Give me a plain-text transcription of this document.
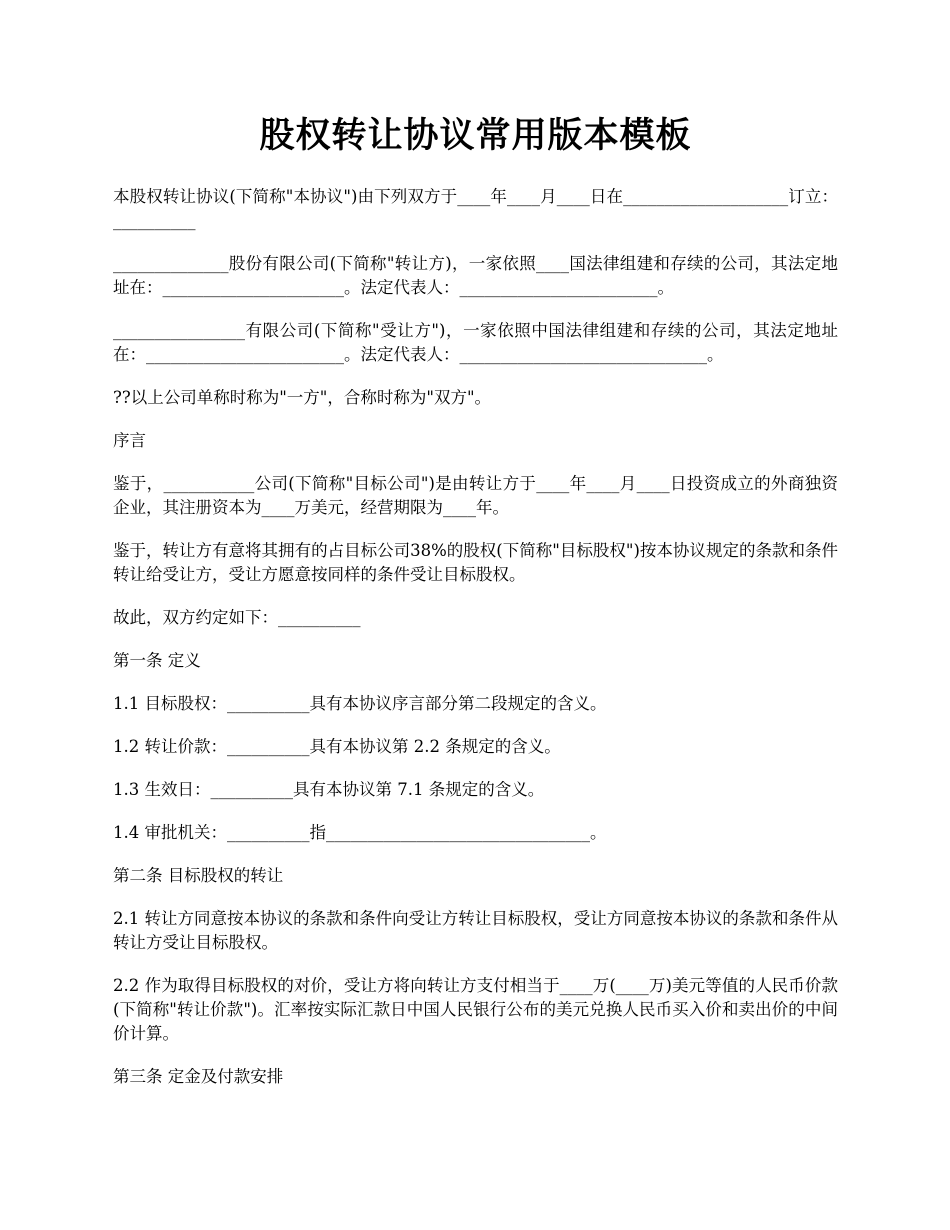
股权转让协议常用版本模板

本股权转让协议(下简称"本协议")由下列双方于____年____月____日在____________________订立：__________

______________股份有限公司(下简称"转让方)，一家依照____国法律组建和存续的公司，其法定地址在：______________________。法定代表人：________________________。

________________有限公司(下简称"受让方")，一家依照中国法律组建和存续的公司，其法定地址在：________________________。法定代表人：______________________________。

??以上公司单称时称为"一方"，合称时称为"双方"。

序言

鉴于，___________公司(下简称"目标公司")是由转让方于____年____月____日投资成立的外商独资企业，其注册资本为____万美元，经营期限为____年。

鉴于，转让方有意将其拥有的占目标公司38%的股权(下简称"目标股权")按本协议规定的条款和条件转让给受让方，受让方愿意按同样的条件受让目标股权。

故此，双方约定如下：__________

第一条 定义

1.1 目标股权：__________具有本协议序言部分第二段规定的含义。

1.2 转让价款：__________具有本协议第 2.2 条规定的含义。

1.3 生效日：__________具有本协议第 7.1 条规定的含义。

1.4 审批机关：__________指________________________________。

第二条 目标股权的转让

2.1 转让方同意按本协议的条款和条件向受让方转让目标股权，受让方同意按本协议的条款和条件从转让方受让目标股权。

2.2 作为取得目标股权的对价，受让方将向转让方支付相当于____万(____万)美元等值的人民币价款(下简称"转让价款")。汇率按实际汇款日中国人民银行公布的美元兑换人民币买入价和卖出价的中间价计算。

第三条 定金及付款安排
